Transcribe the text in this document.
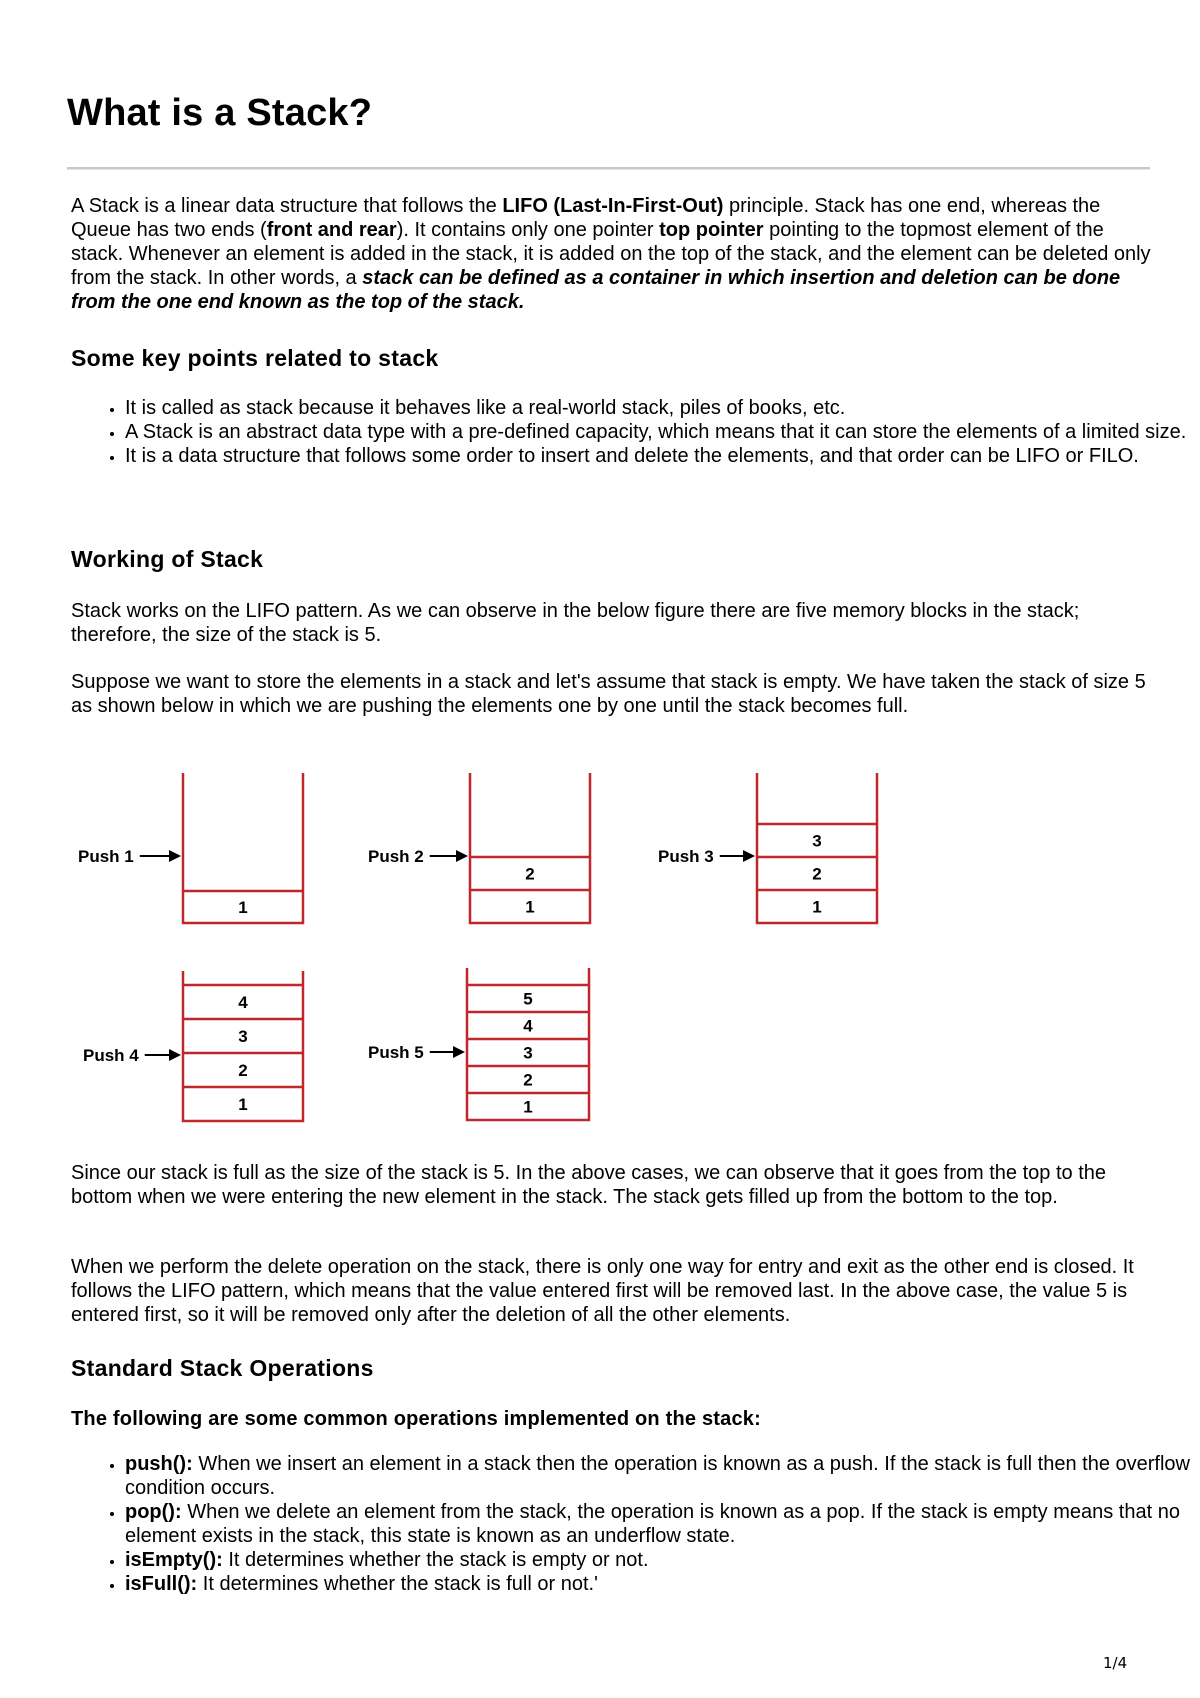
What is a Stack?

A Stack is a linear data structure that follows the LIFO (Last-In-First-Out) principle. Stack has one end, whereas the Queue has two ends (front and rear). It contains only one pointer top pointer pointing to the topmost element of the stack. Whenever an element is added in the stack, it is added on the top of the stack, and the element can be deleted only from the stack. In other words, a stack can be defined as a container in which insertion and deletion can be done from the one end known as the top of the stack.

Some key points related to stack
• It is called as stack because it behaves like a real-world stack, piles of books, etc.
• A Stack is an abstract data type with a pre-defined capacity, which means that it can store the elements of a limited size.
• It is a data structure that follows some order to insert and delete the elements, and that order can be LIFO or FILO.
Working of Stack

Stack works on the LIFO pattern. As we can observe in the below figure there are five memory blocks in the stack; therefore, the size of the stack is 5.

Suppose we want to store the elements in a stack and let's assume that stack is empty. We have taken the stack of size 5 as shown below in which we are pushing the elements one by one until the stack becomes full.

1
Push 1
1
2
Push 2
1
2
3
Push 3
1
2
3
4
Push 4
1
2
3
4
5
Push 5

Since our stack is full as the size of the stack is 5. In the above cases, we can observe that it goes from the top to the bottom when we were entering the new element in the stack. The stack gets filled up from the bottom to the top.

When we perform the delete operation on the stack, there is only one way for entry and exit as the other end is closed. It follows the LIFO pattern, which means that the value entered first will be removed last. In the above case, the value 5 is entered first, so it will be removed only after the deletion of all the other elements.

Standard Stack Operations

The following are some common operations implemented on the stack:

• push(): When we insert an element in a stack then the operation is known as a push. If the stack is full then the overflow condition occurs.
• pop(): When we delete an element from the stack, the operation is known as a pop. If the stack is empty means that no element exists in the stack, this state is known as an underflow state.
• isEmpty(): It determines whether the stack is empty or not.
• isFull(): It determines whether the stack is full or not.'
1/4
